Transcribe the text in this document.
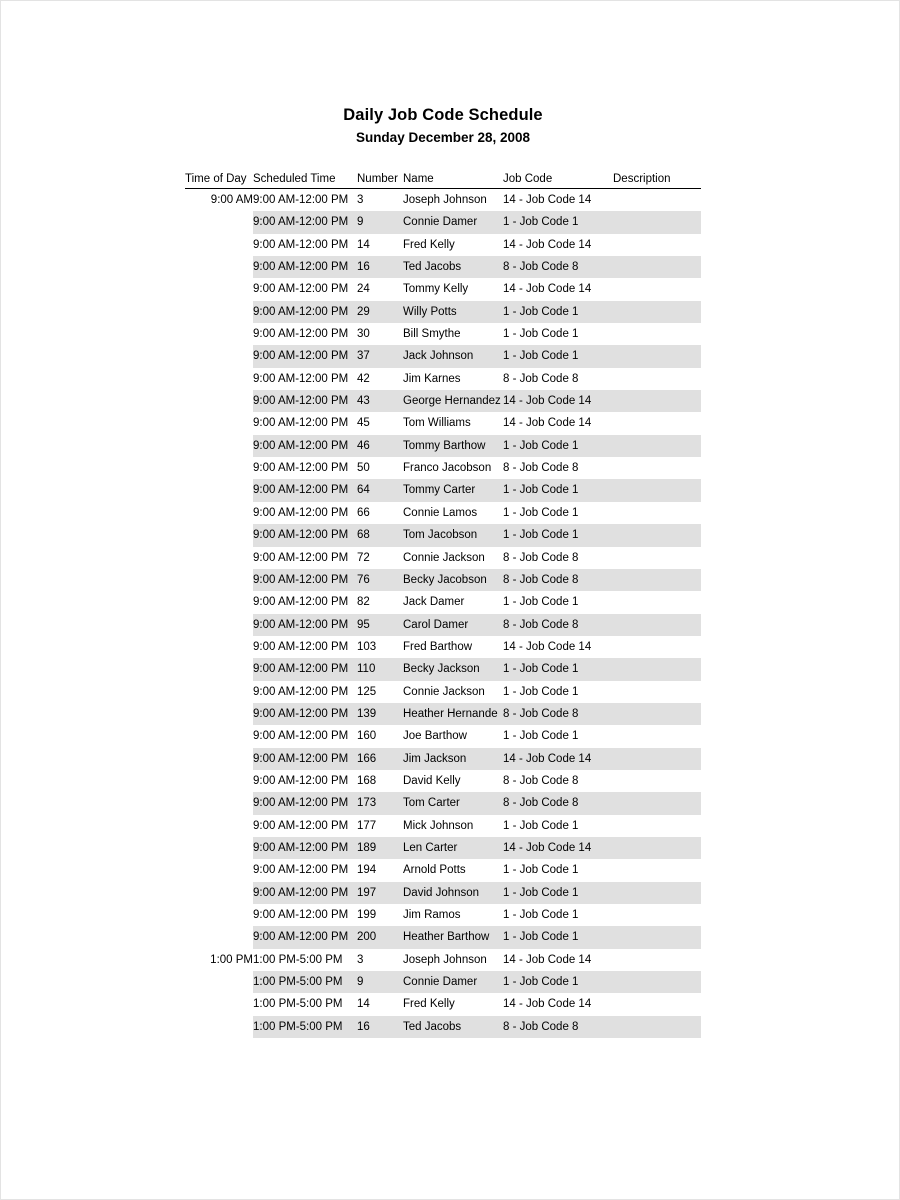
Daily Job Code Schedule
Sunday December 28, 2008
Time of Day	Scheduled Time	Number	Name	Job Code	Description
9:00 AM	9:00 AM-12:00 PM	3	Joseph Johnson	14 - Job Code 14	
	9:00 AM-12:00 PM	9	Connie Damer	1 - Job Code 1	
	9:00 AM-12:00 PM	14	Fred Kelly	14 - Job Code 14	
	9:00 AM-12:00 PM	16	Ted Jacobs	8 - Job Code 8	
	9:00 AM-12:00 PM	24	Tommy Kelly	14 - Job Code 14	
	9:00 AM-12:00 PM	29	Willy Potts	1 - Job Code 1	
	9:00 AM-12:00 PM	30	Bill Smythe	1 - Job Code 1	
	9:00 AM-12:00 PM	37	Jack Johnson	1 - Job Code 1	
	9:00 AM-12:00 PM	42	Jim Karnes	8 - Job Code 8	
	9:00 AM-12:00 PM	43	George Hernandez	14 - Job Code 14	
	9:00 AM-12:00 PM	45	Tom Williams	14 - Job Code 14	
	9:00 AM-12:00 PM	46	Tommy Barthow	1 - Job Code 1	
	9:00 AM-12:00 PM	50	Franco Jacobson	8 - Job Code 8	
	9:00 AM-12:00 PM	64	Tommy Carter	1 - Job Code 1	
	9:00 AM-12:00 PM	66	Connie Lamos	1 - Job Code 1	
	9:00 AM-12:00 PM	68	Tom Jacobson	1 - Job Code 1	
	9:00 AM-12:00 PM	72	Connie Jackson	8 - Job Code 8	
	9:00 AM-12:00 PM	76	Becky Jacobson	8 - Job Code 8	
	9:00 AM-12:00 PM	82	Jack Damer	1 - Job Code 1	
	9:00 AM-12:00 PM	95	Carol Damer	8 - Job Code 8	
	9:00 AM-12:00 PM	103	Fred Barthow	14 - Job Code 14	
	9:00 AM-12:00 PM	110	Becky Jackson	1 - Job Code 1	
	9:00 AM-12:00 PM	125	Connie Jackson	1 - Job Code 1	
	9:00 AM-12:00 PM	139	Heather Hernande	8 - Job Code 8	
	9:00 AM-12:00 PM	160	Joe Barthow	1 - Job Code 1	
	9:00 AM-12:00 PM	166	Jim Jackson	14 - Job Code 14	
	9:00 AM-12:00 PM	168	David Kelly	8 - Job Code 8	
	9:00 AM-12:00 PM	173	Tom Carter	8 - Job Code 8	
	9:00 AM-12:00 PM	177	Mick Johnson	1 - Job Code 1	
	9:00 AM-12:00 PM	189	Len Carter	14 - Job Code 14	
	9:00 AM-12:00 PM	194	Arnold Potts	1 - Job Code 1	
	9:00 AM-12:00 PM	197	David Johnson	1 - Job Code 1	
	9:00 AM-12:00 PM	199	Jim Ramos	1 - Job Code 1	
	9:00 AM-12:00 PM	200	Heather Barthow	1 - Job Code 1	
1:00 PM	1:00 PM-5:00 PM	3	Joseph Johnson	14 - Job Code 14	
	1:00 PM-5:00 PM	9	Connie Damer	1 - Job Code 1	
	1:00 PM-5:00 PM	14	Fred Kelly	14 - Job Code 14	
	1:00 PM-5:00 PM	16	Ted Jacobs	8 - Job Code 8	
